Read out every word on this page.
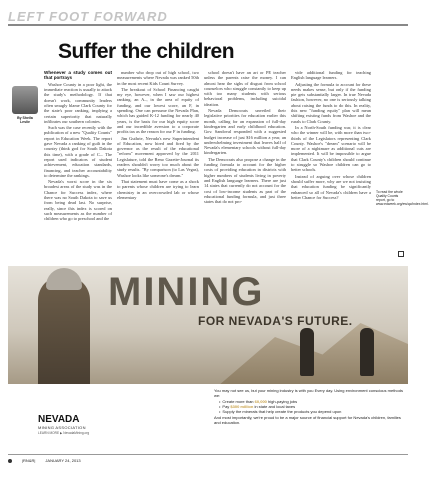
LEFT FOOT FORWARD
Suffer the children
By Sheila Leslie
Whenever a study comes out that portrays

Washoe County in a poor light, the immediate reaction is usually to attack the study's methodology. If that doesn't work, community leaders often smugly blame Clark County for the state's poor ranking, implying a certain superiority that naturally infiltrates our southern colonies.

Such was the case recently with the publication of a new "Quality Counts" report in Education Week. The report gave Nevada a ranking of guilt in the country (think god for South Dakota this time), with a grade of C–. The report used indicators of student achievement, education standards, financing, and teacher accountability to determine the rankings.

Nevada's worst score in the six broadest areas of the study was in the Chance for Success index, where there was no South Dakota to save us from being dead last. No surprise, really, since this index is scored on such measurements as the number of children who go to preschool and the

number who drop out of high school, two measurements where Nevada was ranked 50th in the most recent Kids Count Survey.

The breakout of School Financing caught my eye, however, when I saw our highest ranking, an A–, in the area of equity of funding, and our lowest score, an F, in spending. One can presume the Nevada Plan, which has guided K-12 funding for nearly 40 years, is the basis for our high equity score and our incredible aversion to a corporate profits tax as the reason for our F in funding.

Jim Guthrie, Nevada's new Superintendent of Education, now hired and fired by the governor as the result of the educational "reform" movement approved by the 2011 Legislature, told the Reno Gazette-Journal its readers shouldn't worry too much about the study results. "By comparison (to Las Vegas), Washoe looks like someone's dream."

That statement must have come as a shock to parents whose children are trying to learn chemistry in an overcrowded lab or whose elementary

school doesn't have an art or PE teacher unless the parents raise the money. I can almost hear the sighs of disgust from school counselors who struggle constantly to keep up with too many students with serious behavioral problems, including suicidal ideation.

Nevada Democrats unveiled their legislative priorities for education earlier this month, calling for an expansion of full-day kindergarten and early childhood education. Gov. Sandoval responded with a suggested budget increase of just $16 million a year, an underwhelming investment that leaves half of Nevada's elementary schools without full-day kindergarten.

The Democrats also propose a change in the funding formula to account for the higher costs of providing education in districts with higher numbers of students living in poverty and English language learners. There are just 14 states that currently do not account for the cost of low-income students as part of the educational funding formula, and just three states that do not pro-

vide additional funding for teaching English language learners.

Adjusting the formula to account for these needs makes sense, but only if the funding pie gets substantially larger. In true Nevada fashion, however, no one is seriously talking about raising the funds to do this. In reality, this new "funding equity" plan will mean shifting existing funds from Washoe and the rurals to Clark County.

In a North-South funding war, it is clear who the winner will be, with more than two-thirds of the Legislators representing Clark County. Washoe's "dream" scenario will be more of a nightmare as additional cuts are implemented. It will be impossible to argue that Clark County's children should continue to struggle so Washoe children can go to better schools.

Instead of arguing over whose children should suffer more, why are we not insisting that education funding be significantly enhanced so all of Nevada's children have a better Chance for Success?

To read the whole Quality Counts report, go to www.edweek.org/ew/qc/index.html.
MINING
FOR NEVADA'S FUTURE.
NEVADA
MINING ASSOCIATION
LEARN MORE ▶ NevadaMining.org
You may not see us, but your mining industry is with you Every day. Using environment conscious methods we:
• Create more than 60,000 high-paying jobs
• Pay $300 million in state and local taxes
• Supply the minerals that help create the products you depend upon
And most importantly, we're proud to be a major source of financial support for Nevada's children, families and education.
|RN&R|	JANUARY 24, 2013
